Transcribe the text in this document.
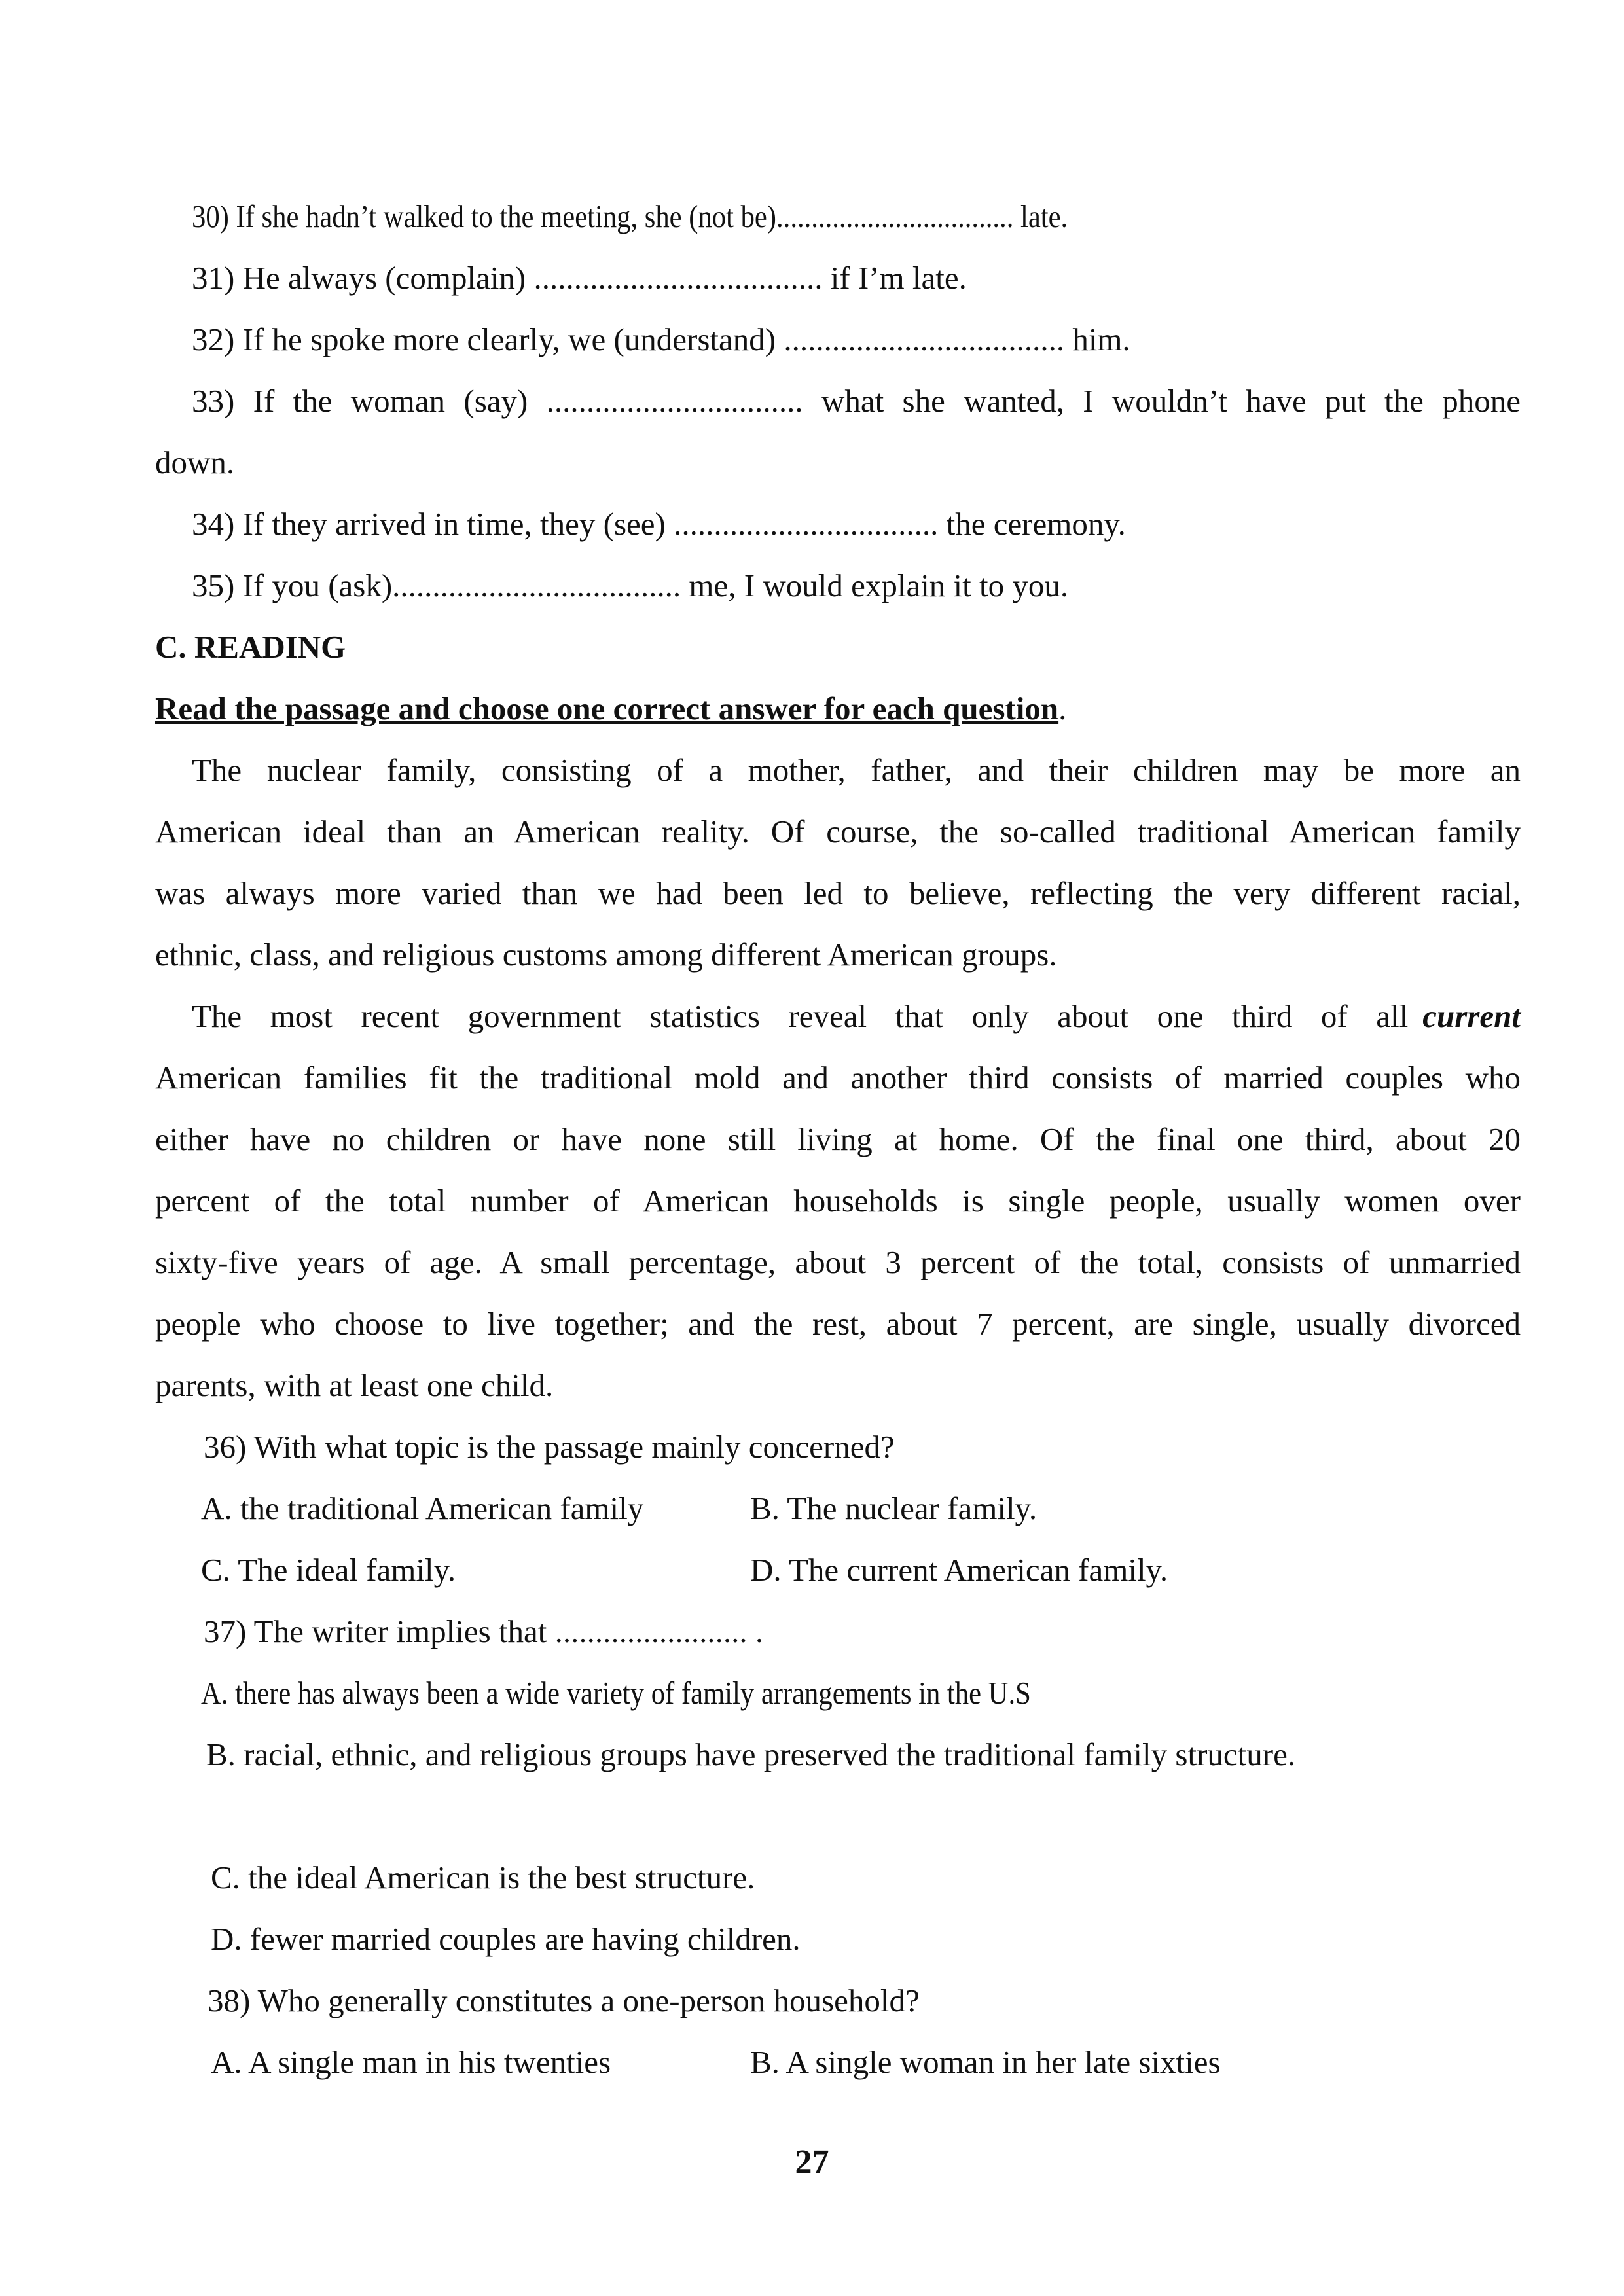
30) If she hadn’t walked to the meeting, she (not be).................................. late.
31) He always (complain) .................................... if I’m late.
32) If he spoke more clearly, we (understand) ................................... him.
33) If the woman (say) ................................ what she wanted, I wouldn’t have put the phone
down.
34) If they arrived in time, they (see) ................................. the ceremony.
35) If you (ask).................................... me, I would explain it to you.
C. READING
Read the passage and choose one correct answer for each question.
The nuclear family, consisting of a mother, father, and their children may be more an
American ideal than an American reality. Of course, the so-called traditional American family
was always more varied than we had been led to believe, reflecting the very different racial,
ethnic, class, and religious customs among different American groups.
The most recent government statistics reveal that only about one third of all current
American families fit the traditional mold and another third consists of married couples who
either have no children or have none still living at home. Of the final one third, about 20
percent of the total number of American households is single people, usually women over
sixty-five years of age. A small percentage, about 3 percent of the total, consists of unmarried
people who choose to live together; and the rest, about 7 percent, are single, usually divorced
parents, with at least one child.
36) With what topic is the passage mainly concerned?
A. the traditional American family	B. The nuclear family.
C. The ideal family.	D. The current American family.
37) The writer implies that ........................ .
A. there has always been a wide variety of family arrangements in the U.S
B. racial, ethnic, and religious groups have preserved the traditional family structure.
C. the ideal American is the best structure.
D. fewer married couples are having children.
38) Who generally constitutes a one-person household?
A. A single man in his twenties	B. A single woman in her late sixties
27
